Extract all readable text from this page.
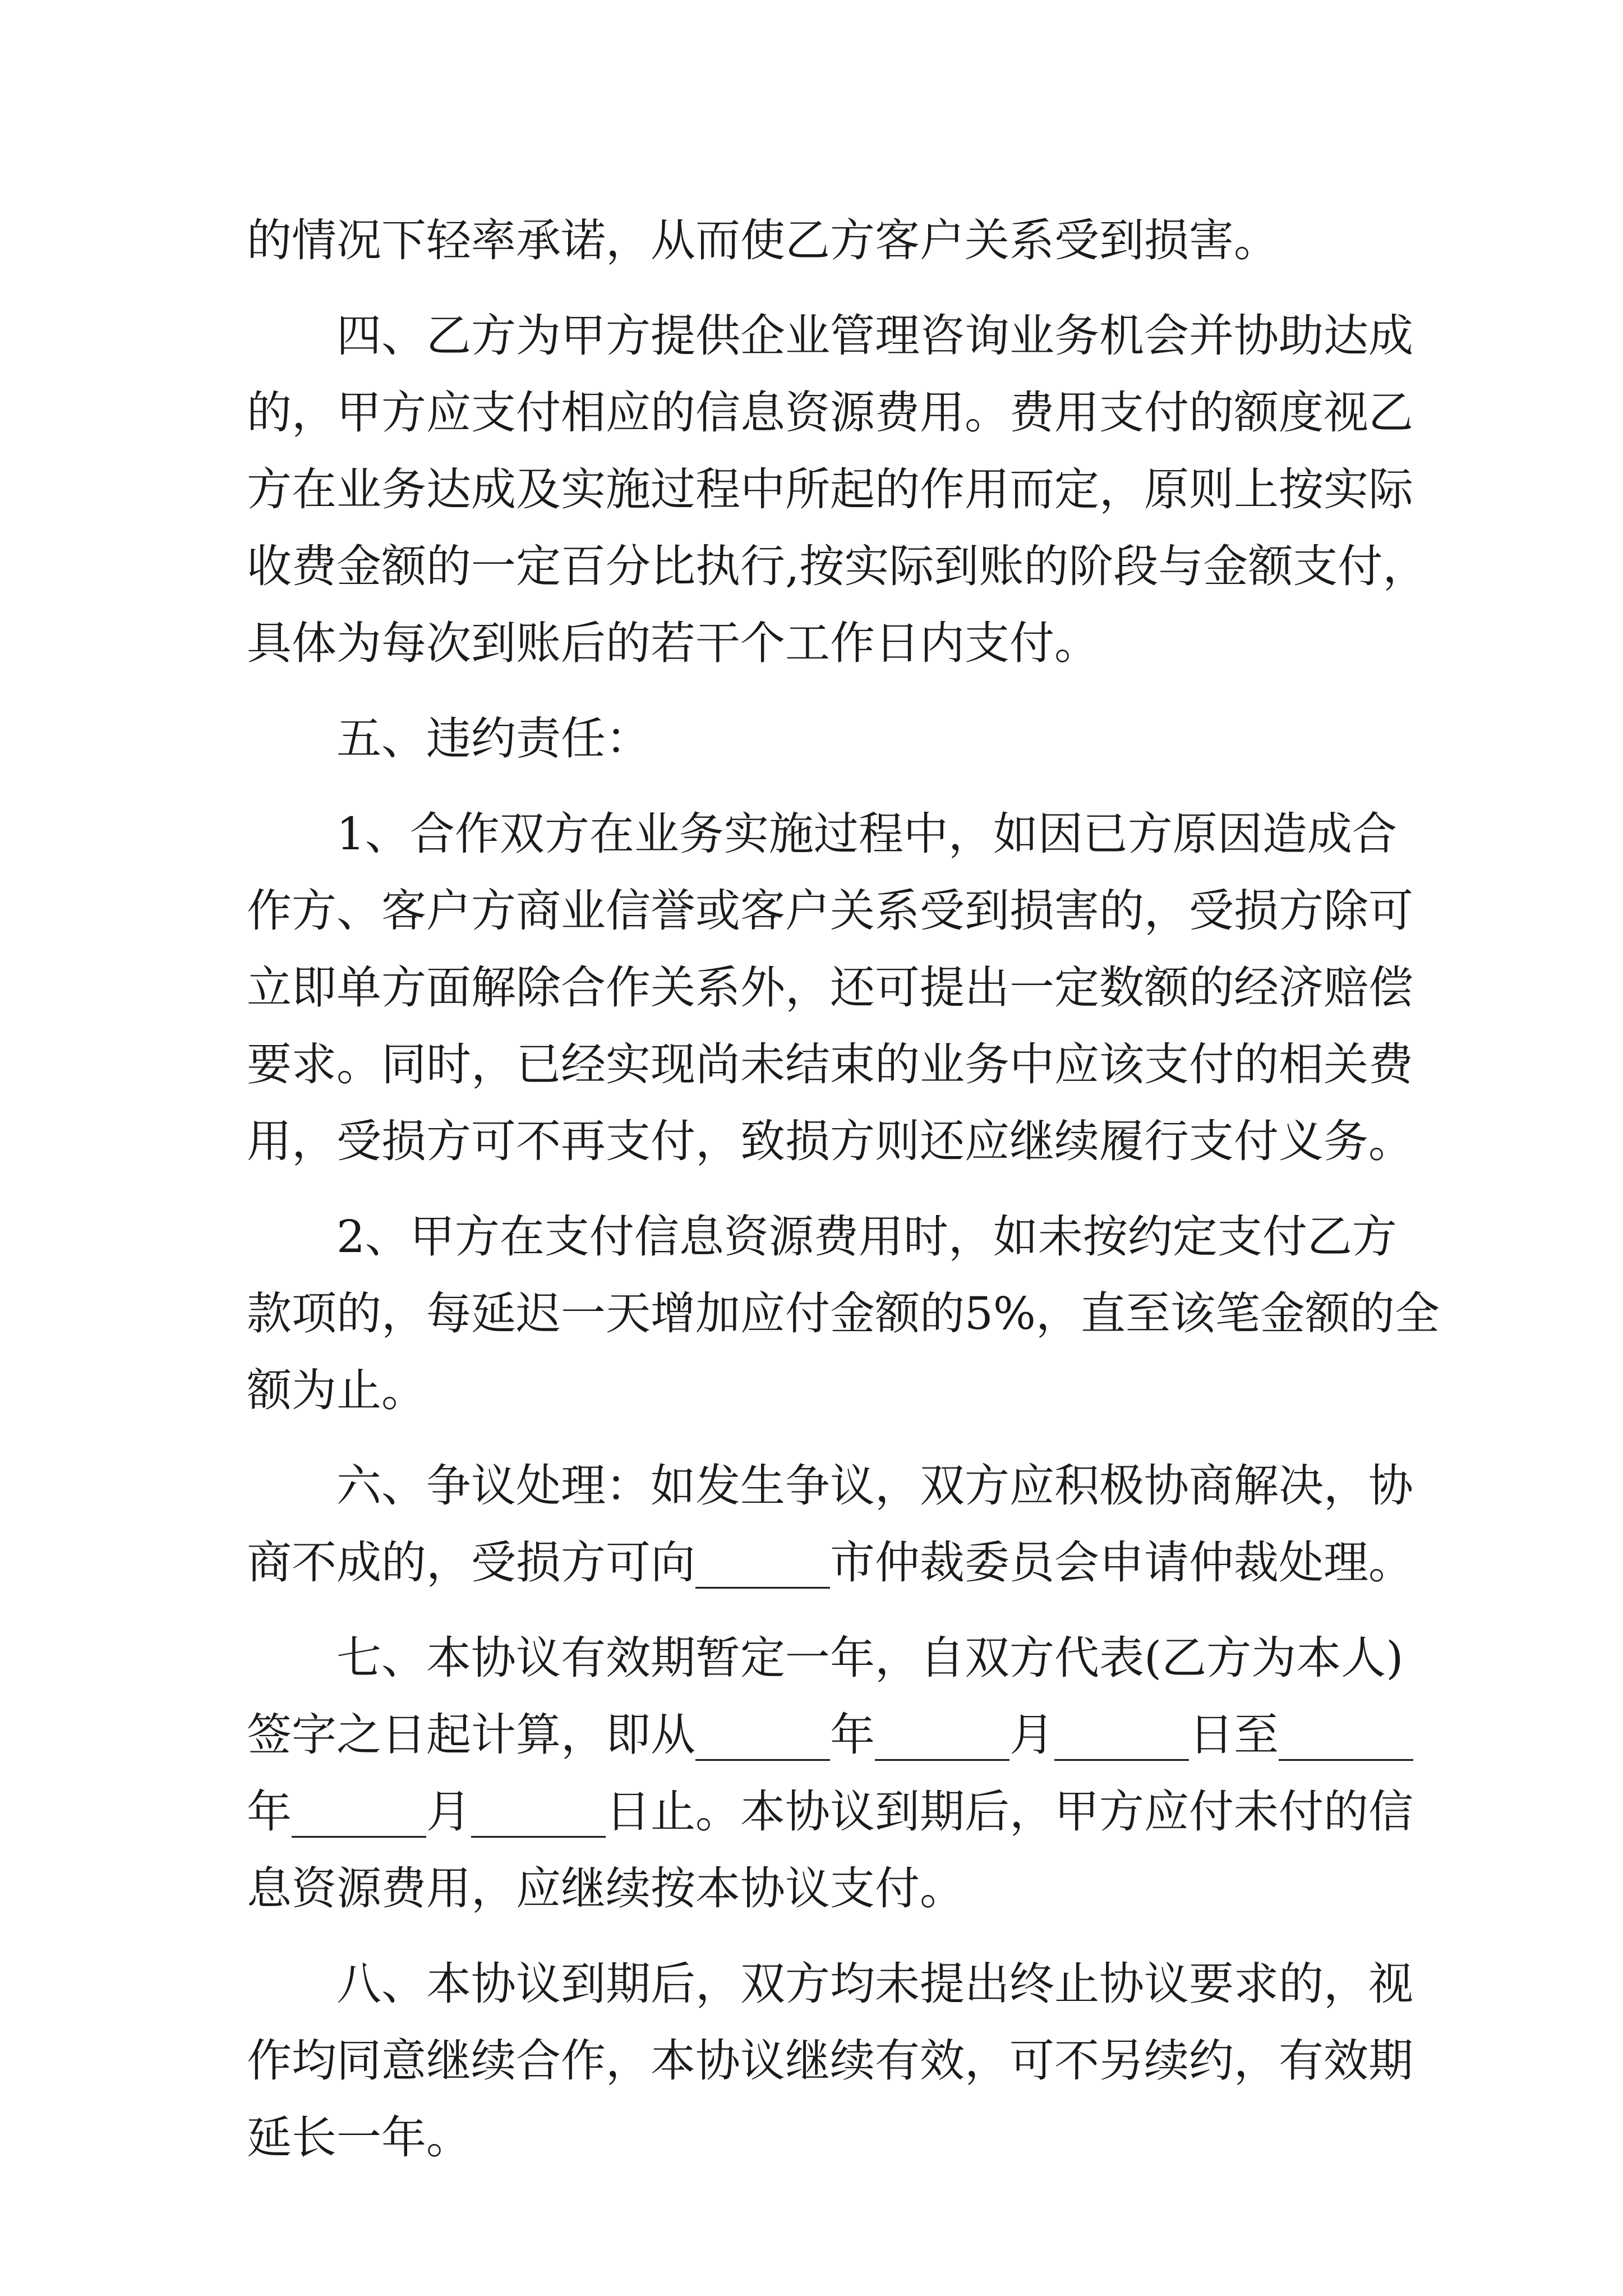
的情况下轻率承诺，从而使乙方客户关系受到损害。
四、乙方为甲方提供企业管理咨询业务机会并协助达成
的，甲方应支付相应的信息资源费用。费用支付的额度视乙
方在业务达成及实施过程中所起的作用而定，原则上按实际
收费金额的一定百分比执行,按实际到账的阶段与金额支付，
具体为每次到账后的若干个工作日内支付。
五、违约责任：
1、合作双方在业务实施过程中，如因已方原因造成合
作方、客户方商业信誉或客户关系受到损害的，受损方除可
立即单方面解除合作关系外，还可提出一定数额的经济赔偿
要求。同时，已经实现尚未结束的业务中应该支付的相关费
用，受损方可不再支付，致损方则还应继续履行支付义务。
2、甲方在支付信息资源费用时，如未按约定支付乙方
款项的，每延迟一天增加应付金额的5%，直至该笔金额的全
额为止。
六、争议处理：如发生争议，双方应积极协商解决，协
商不成的，受损方可向______市仲裁委员会申请仲裁处理。
七、本协议有效期暂定一年，自双方代表(乙方为本人)
签字之日起计算，即从______年______月______日至______
年______月______日止。本协议到期后，甲方应付未付的信
息资源费用，应继续按本协议支付。
八、本协议到期后，双方均未提出终止协议要求的，视
作均同意继续合作，本协议继续有效，可不另续约，有效期
延长一年。
